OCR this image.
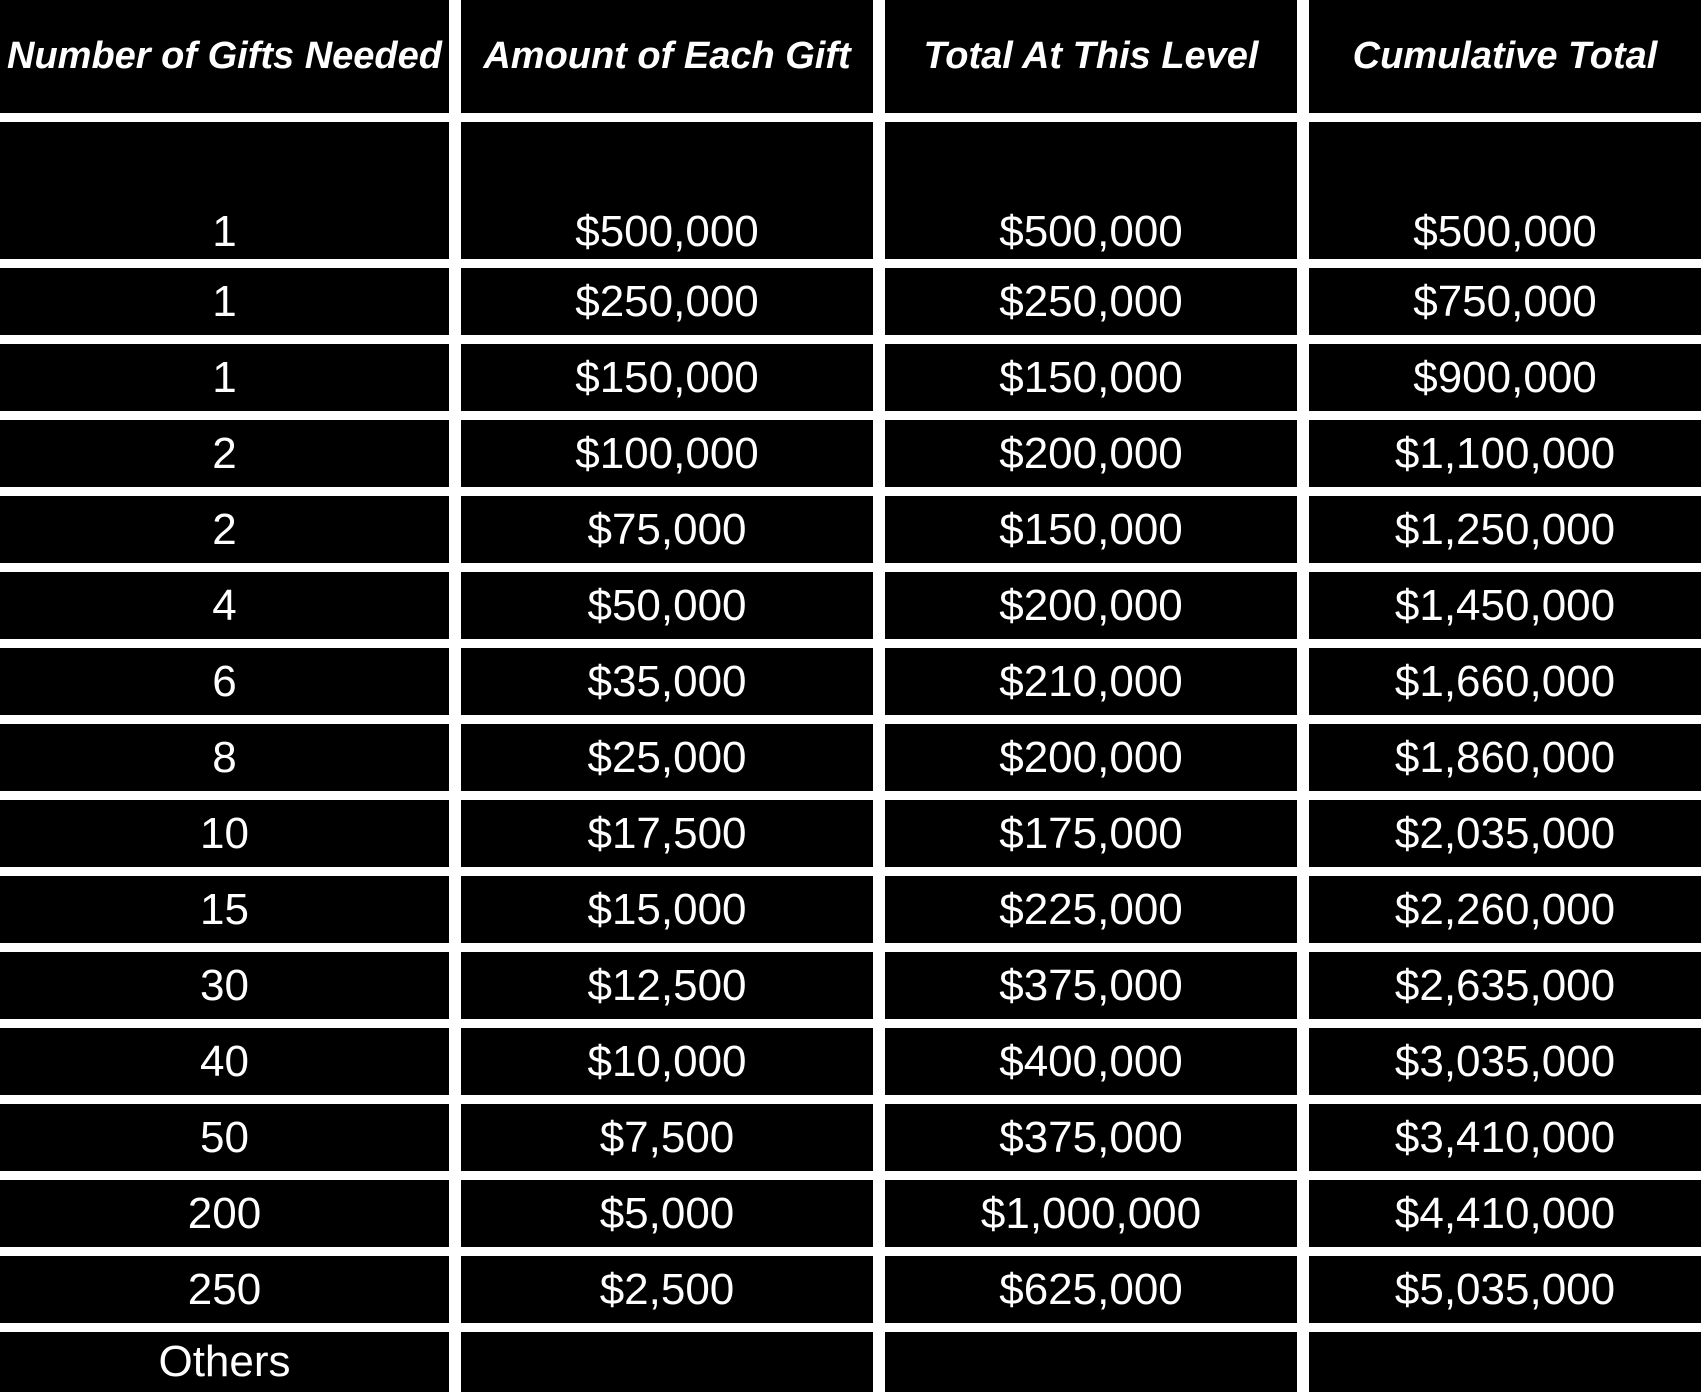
Number of Gifts Needed	Amount of Each Gift	Total At This Level	Cumulative Total
1	$500,000	$500,000	$500,000
1	$250,000	$250,000	$750,000
1	$150,000	$150,000	$900,000
2	$100,000	$200,000	$1,100,000
2	$75,000	$150,000	$1,250,000
4	$50,000	$200,000	$1,450,000
6	$35,000	$210,000	$1,660,000
8	$25,000	$200,000	$1,860,000
10	$17,500	$175,000	$2,035,000
15	$15,000	$225,000	$2,260,000
30	$12,500	$375,000	$2,635,000
40	$10,000	$400,000	$3,035,000
50	$7,500	$375,000	$3,410,000
200	$5,000	$1,000,000	$4,410,000
250	$2,500	$625,000	$5,035,000
Others
